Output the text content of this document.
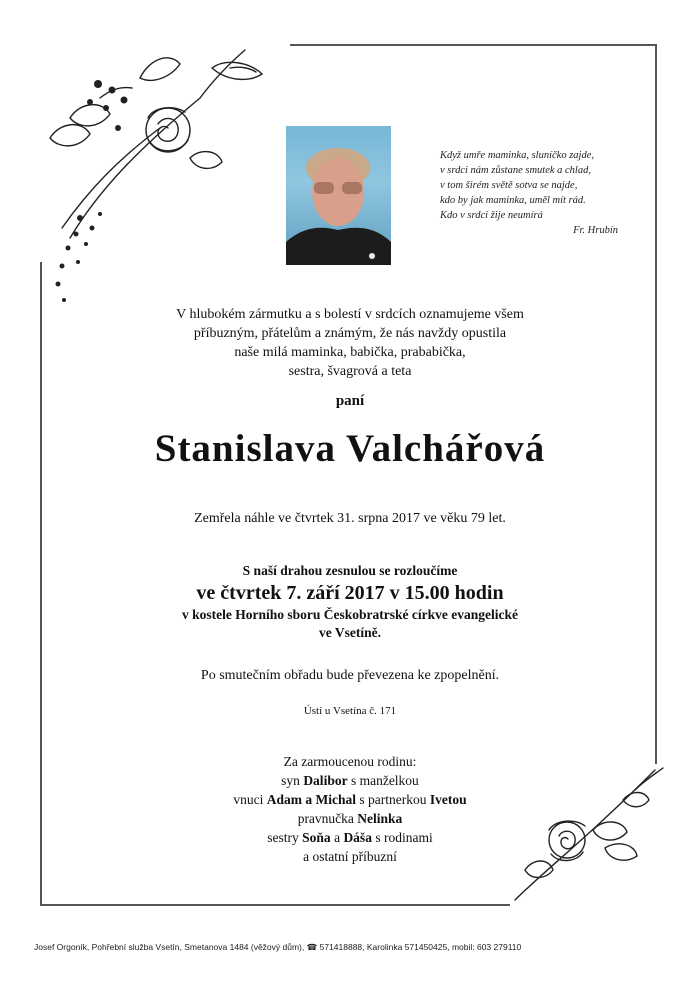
Když umře maminka, sluníčko zajde,
v srdci nám zůstane smutek a chlad,
v tom širém světě sotva se najde,
kdo by jak maminka, uměl mít rád.
Kdo v srdci žije neumírá
Fr. Hrubín
V hlubokém zármutku a s bolestí v srdcích oznamujeme všem
příbuzným, přátelům a známým, že nás navždy opustila
naše milá maminka, babička, prababička,
sestra, švagrová a teta
paní
Stanislava Valchářová
Zemřela náhle ve čtvrtek 31. srpna 2017 ve věku 79 let.
S naší drahou zesnulou se rozloučíme
ve čtvrtek 7. září 2017 v 15.00 hodin
v kostele Horního sboru Českobratrské církve evangelické
ve Vsetíně.
Po smutečním obřadu bude převezena ke zpopelnění.
Ústí u Vsetína č. 171
Za zarmoucenou rodinu:
syn Dalibor s manželkou
vnuci Adam a Michal s partnerkou Ivetou
pravnučka Nelinka
sestry Soňa a Dáša s rodinami
a ostatní příbuzní
Josef Orgoník, Pohřební služba Vsetín, Smetanova 1484 (věžový dům), ☎ 571418888, Karolinka 571450425, mobil: 603 279110
